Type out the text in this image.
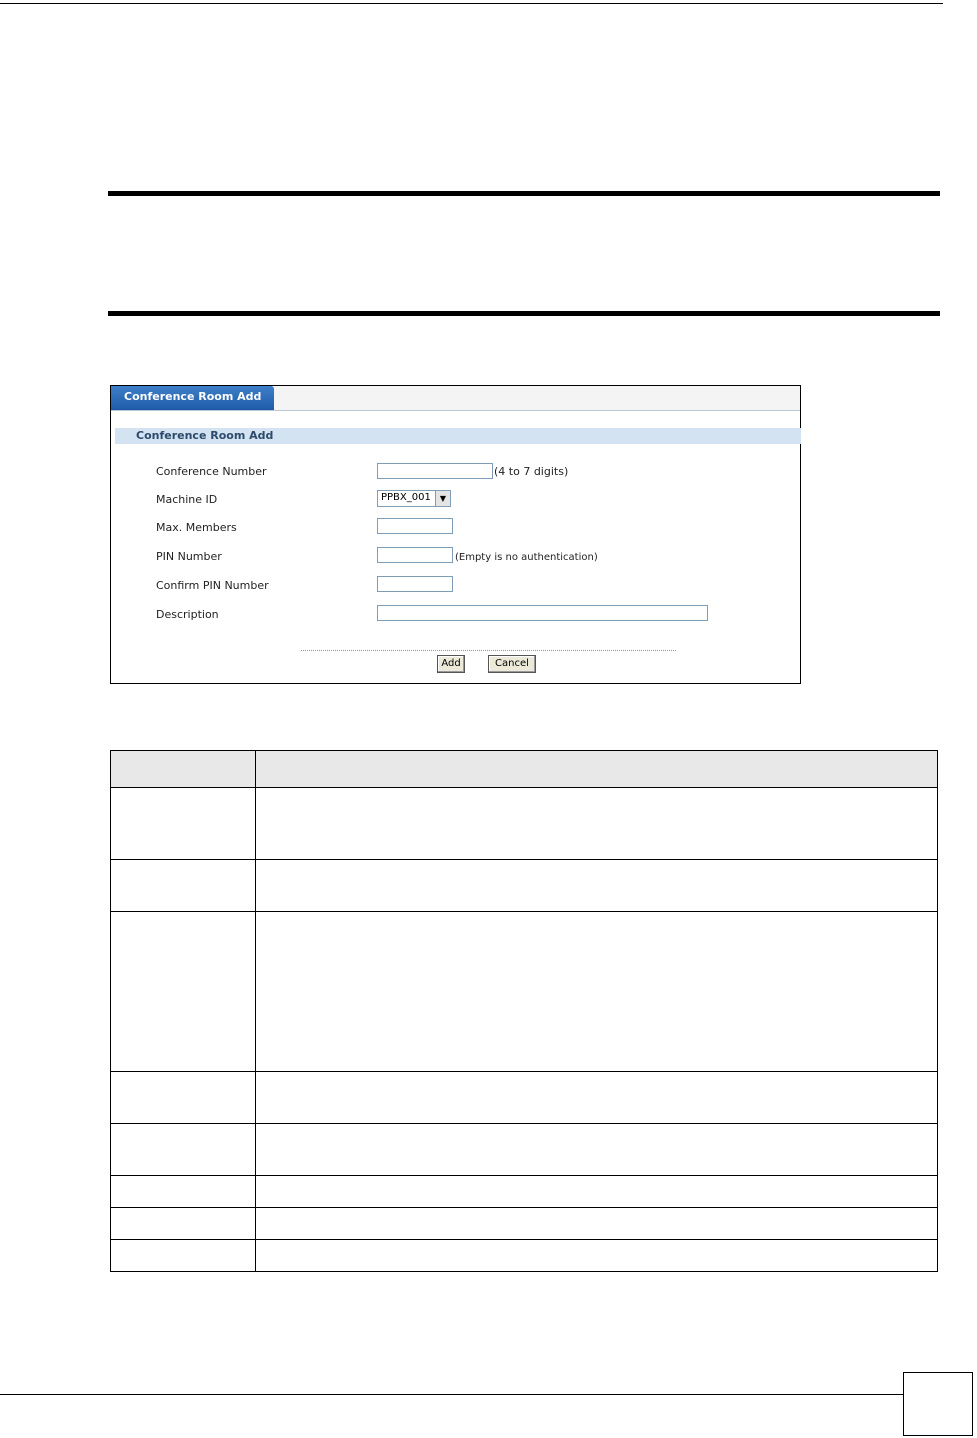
Conference Room Add
Conference Room Add
Conference Number	(4 to 7 digits)
Machine ID	PPBX_001	▼
Max. Members
PIN Number	(Empty is no authentication)
Confirm PIN Number
Description
Add	Cancel
